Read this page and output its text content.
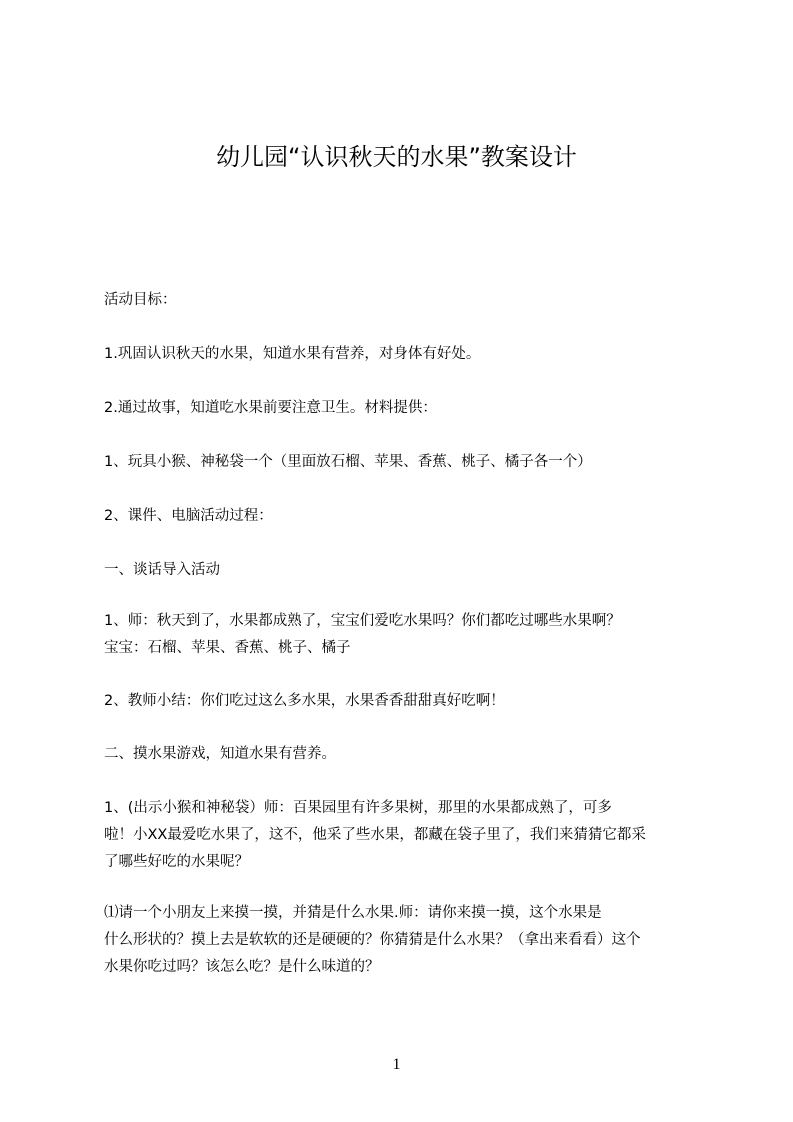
幼儿园“认识秋天的水果”教案设计
活动目标：
1.巩固认识秋天的水果，知道水果有营养，对身体有好处。
2.通过故事，知道吃水果前要注意卫生。材料提供：
1、玩具小猴、神秘袋一个（里面放石榴、苹果、香蕉、桃子、橘子各一个）
2、课件、电脑活动过程：
一、谈话导入活动
1、师：秋天到了，水果都成熟了，宝宝们爱吃水果吗？你们都吃过哪些水果啊？
宝宝：石榴、苹果、香蕉、桃子、橘子
2、教师小结：你们吃过这么多水果，水果香香甜甜真好吃啊！
二、摸水果游戏，知道水果有营养。
1、(出示小猴和神秘袋）师：百果园里有许多果树，那里的水果都成熟了，可多
啦！小XX最爱吃水果了，这不，他采了些水果，都藏在袋子里了，我们来猜猜它都采
了哪些好吃的水果呢？
⑴请一个小朋友上来摸一摸，并猜是什么水果.师：请你来摸一摸，这个水果是
什么形状的？摸上去是软软的还是硬硬的？你猜猜是什么水果？（拿出来看看）这个
水果你吃过吗？该怎么吃？是什么味道的？
1
